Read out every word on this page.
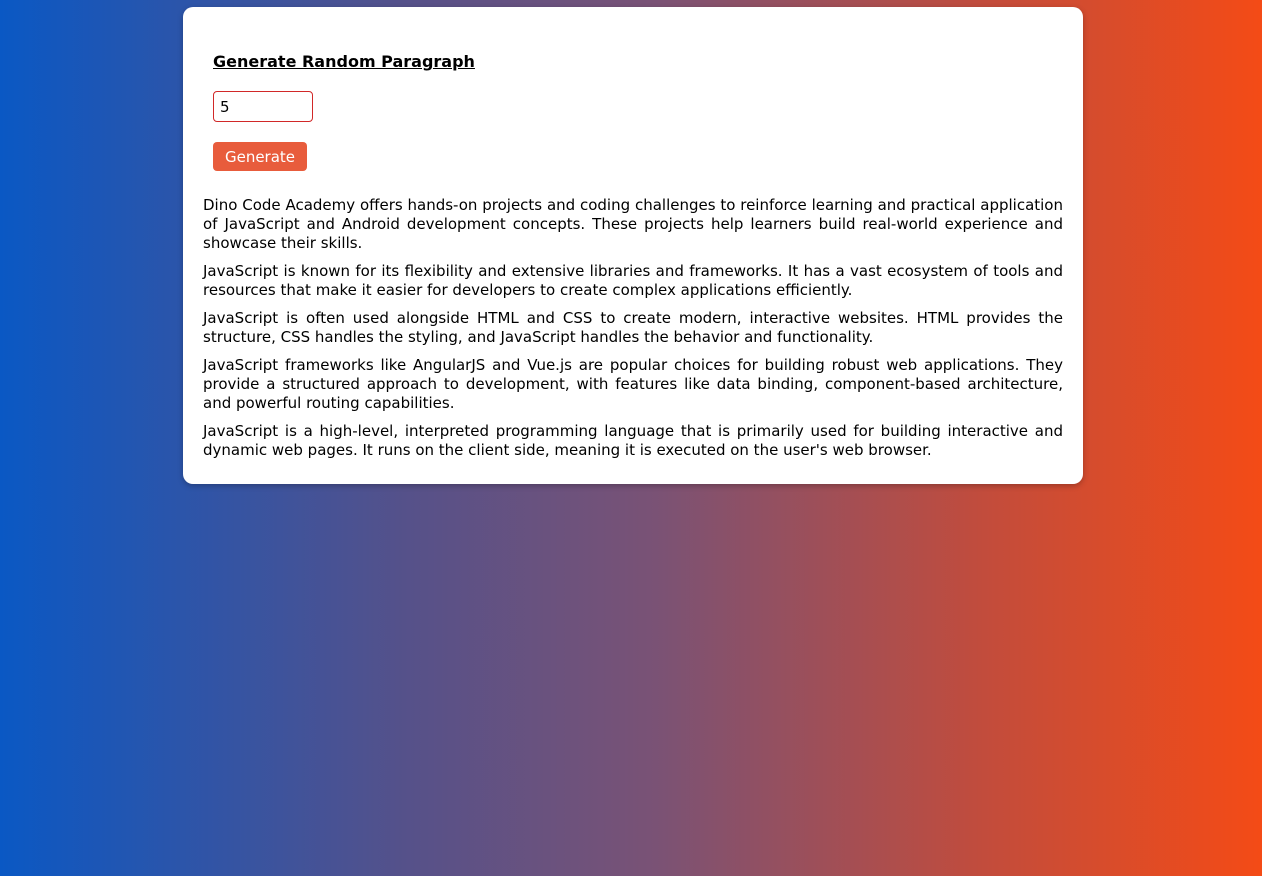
Generate Random Paragraph
5
Generate

Dino Code Academy offers hands-on projects and coding challenges to reinforce learning and practical application of JavaScript and Android development concepts. These projects help learners build real-world experience and showcase their skills.

JavaScript is known for its flexibility and extensive libraries and frameworks. It has a vast ecosystem of tools and resources that make it easier for developers to create complex applications efficiently.

JavaScript is often used alongside HTML and CSS to create modern, interactive websites. HTML provides the structure, CSS handles the styling, and JavaScript handles the behavior and functionality.

JavaScript frameworks like AngularJS and Vue.js are popular choices for building robust web applications. They provide a structured approach to development, with features like data binding, component-based architecture, and powerful routing capabilities.

JavaScript is a high-level, interpreted programming language that is primarily used for building interactive and dynamic web pages. It runs on the client side, meaning it is executed on the user's web browser.
